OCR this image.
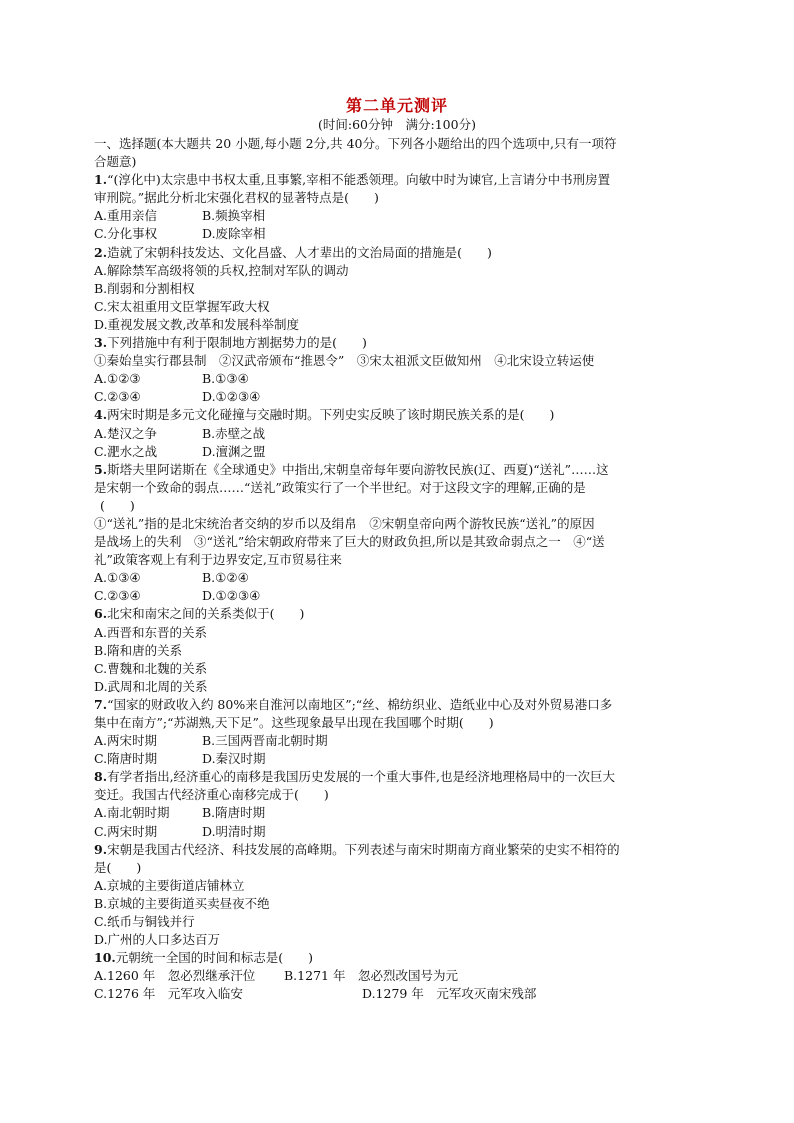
第二单元测评

(时间:60分钟　满分:100分)

一、选择题(本大题共 20 小题,每小题 2分,共 40分。下列各小题给出的四个选项中,只有一项符

合题意)

1.“(淳化中)太宗患中书权太重,且事繁,宰相不能悉领理。向敏中时为谏官,上言请分中书刑房置

审刑院。”据此分析北宋强化君权的显著特点是(　　)

A.重用亲信	B.频换宰相
C.分化事权	D.废除宰相

2.造就了宋朝科技发达、文化昌盛、人才辈出的文治局面的措施是(　　)

A.解除禁军高级将领的兵权,控制对军队的调动

B.削弱和分割相权

C.宋太祖重用文臣掌握军政大权

D.重视发展文教,改革和发展科举制度

3.下列措施中有利于限制地方割据势力的是(　　)

①秦始皇实行郡县制　②汉武帝颁布“推恩令”　③宋太祖派文臣做知州　④北宋设立转运使

A.①②③	B.①③④
C.②③④	D.①②③④

4.两宋时期是多元文化碰撞与交融时期。下列史实反映了该时期民族关系的是(　　)

A.楚汉之争	B.赤壁之战
C.淝水之战	D.澶渊之盟

5.斯塔夫里阿诺斯在《全球通史》中指出,宋朝皇帝每年要向游牧民族(辽、西夏)“送礼”……这

是宋朝一个致命的弱点……“送礼”政策实行了一个半世纪。对于这段文字的理解,正确的是

(　　)

①“送礼”指的是北宋统治者交纳的岁币以及绢帛　②宋朝皇帝向两个游牧民族“送礼”的原因

是战场上的失利　③“送礼”给宋朝政府带来了巨大的财政负担,所以是其致命弱点之一　④“送

礼”政策客观上有利于边界安定,互市贸易往来

A.①③④	B.①②④
C.②③④	D.①②③④

6.北宋和南宋之间的关系类似于(　　)

A.西晋和东晋的关系

B.隋和唐的关系

C.曹魏和北魏的关系

D.武周和北周的关系

7.“国家的财政收入约 80%来自淮河以南地区”;“丝、棉纺织业、造纸业中心及对外贸易港口多

集中在南方”;“苏湖熟,天下足”。这些现象最早出现在我国哪个时期(　　)

A.两宋时期	B.三国两晋南北朝时期
C.隋唐时期	D.秦汉时期

8.有学者指出,经济重心的南移是我国历史发展的一个重大事件,也是经济地理格局中的一次巨大

变迁。我国古代经济重心南移完成于(　　)

A.南北朝时期	B.隋唐时期
C.两宋时期	D.明清时期

9.宋朝是我国古代经济、科技发展的高峰期。下列表述与南宋时期南方商业繁荣的史实不相符的

是(　　)

A.京城的主要街道店铺林立

B.京城的主要街道买卖昼夜不绝

C.纸币与铜钱并行

D.广州的人口多达百万

10.元朝统一全国的时间和标志是(　　)

A.1260 年　忽必烈继承汗位	B.1271 年　忽必烈改国号为元
C.1276 年　元军攻入临安	D.1279 年　元军攻灭南宋残部
